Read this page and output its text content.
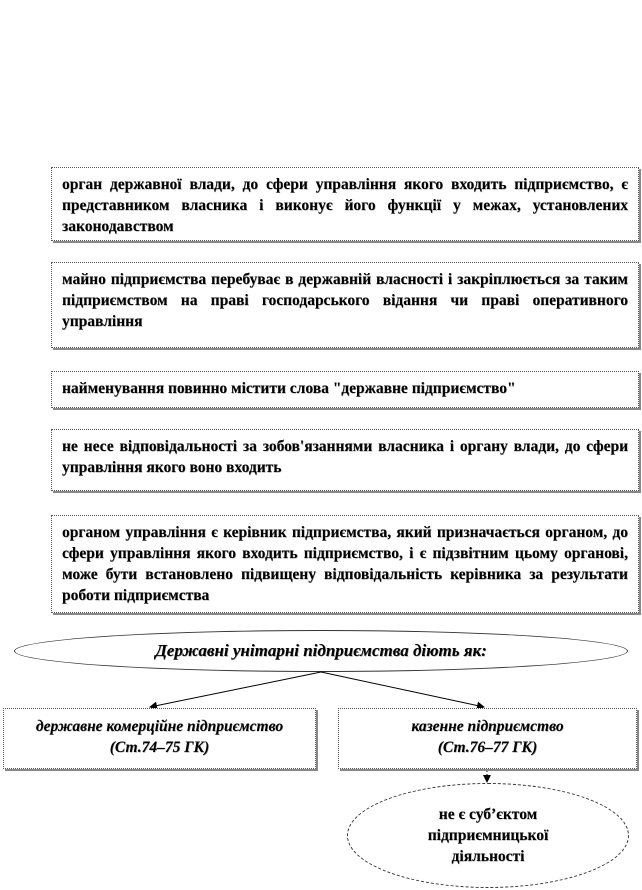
орган державної влади, до сфери управління якого входить підприємство, є представником власника і виконує його функції у межах, установлених законодавством

майно підприємства перебуває в державній власності і закріплюється за таким підприємством на праві господарського відання чи праві оперативного управління

найменування повинно містити слова "державне підприємство"

не несе відповідальності за зобов'язаннями власника і органу влади, до сфери управління якого воно входить

органом управління є керівник підприємства, який призначається органом, до сфери управління якого входить підприємство, і є підзвітним цьому органові, може бути встановлено підвищену відповідальність керівника за результати роботи підприємства

Державні унітарні підприємства діють як:
державне комерційне підприємство
(Ст.74–75 ГК)
казенне підприємство
(Ст.76–77 ГК)
не є суб’єктом
підприємницької
діяльності
